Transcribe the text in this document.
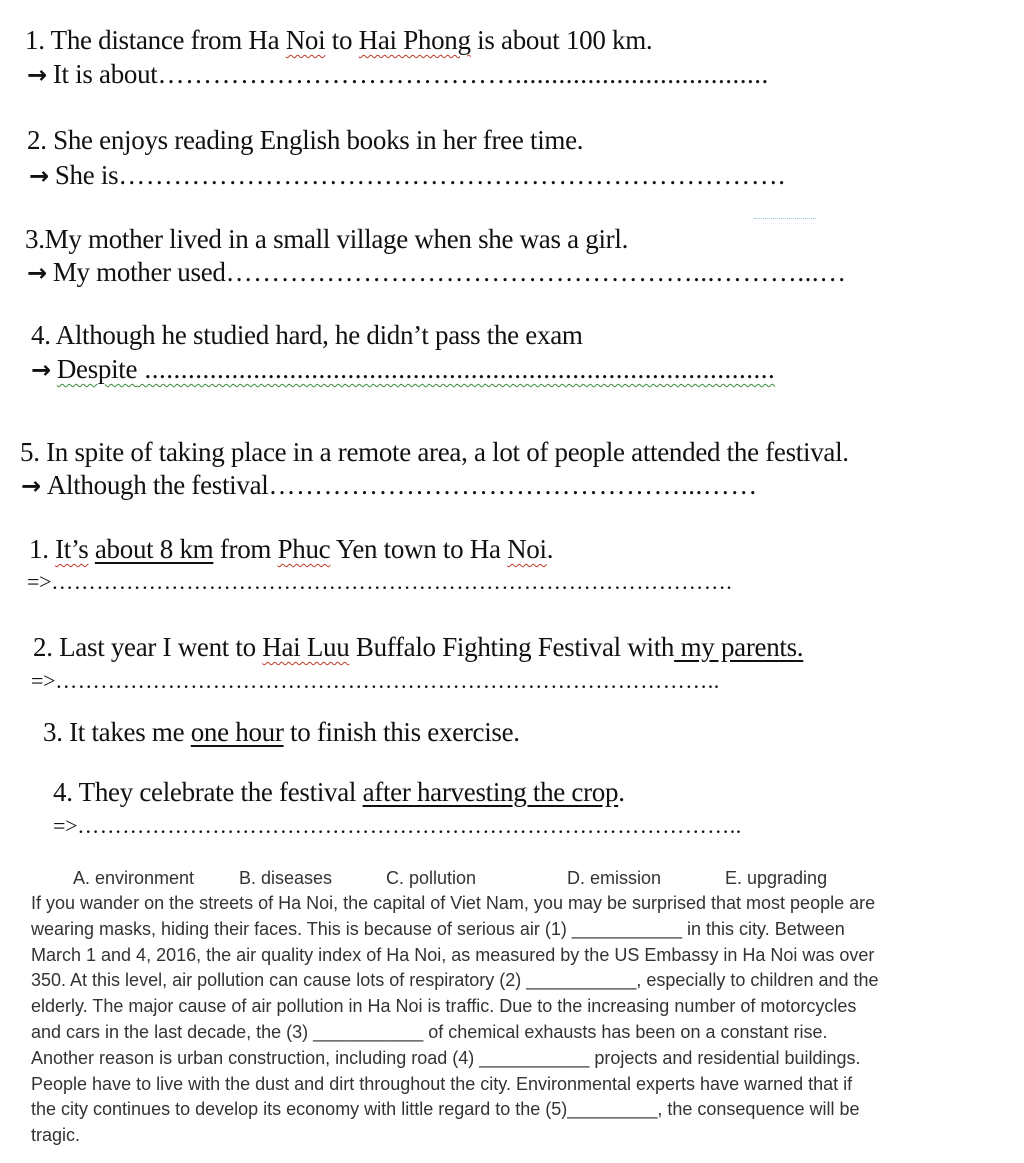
1. The distance from Ha Noi to Hai Phong is about 100 km.
→ It is about…………………………………...................................
2. She enjoys reading English books in her free time.
→ She is……………………………………………………………….
3.My mother lived in a small village when she was a girl.
→ My mother used……………………………………………...………...…
4. Although he studied hard, he didn’t pass the exam
→ Despite .......................................................................................
5. In spite of taking place in a remote area, a lot of people attended the festival.
→ Although the festival………………………………………...……
1. It’s about 8 km from Phuc Yen town to Ha Noi.
=>……………………………………………………………………………….
2. Last year I went to Hai Luu Buffalo Fighting Festival with my parents.
=>……………………………………………………………………………..
3. It takes me one hour to finish this exercise.
4. They celebrate the festival after harvesting the crop.
=>……………………………………………………………………………..
A. environment B. diseases	C. pollution	D. emission	E. upgrading
If you wander on the streets of Ha Noi, the capital of Viet Nam, you may be surprised that most people are
wearing masks, hiding their faces. This is because of serious air (1) ___________ in this city. Between
March 1 and 4, 2016, the air quality index of Ha Noi, as measured by the US Embassy in Ha Noi was over
350. At this level, air pollution can cause lots of respiratory (2) ___________, especially to children and the
elderly. The major cause of air pollution in Ha Noi is traffic. Due to the increasing number of motorcycles
and cars in the last decade, the (3) ___________ of chemical exhausts has been on a constant rise.
Another reason is urban construction, including road (4) ___________ projects and residential buildings.
People have to live with the dust and dirt throughout the city. Environmental experts have warned that if
the city continues to develop its economy with little regard to the (5)_________, the consequence will be
tragic.
